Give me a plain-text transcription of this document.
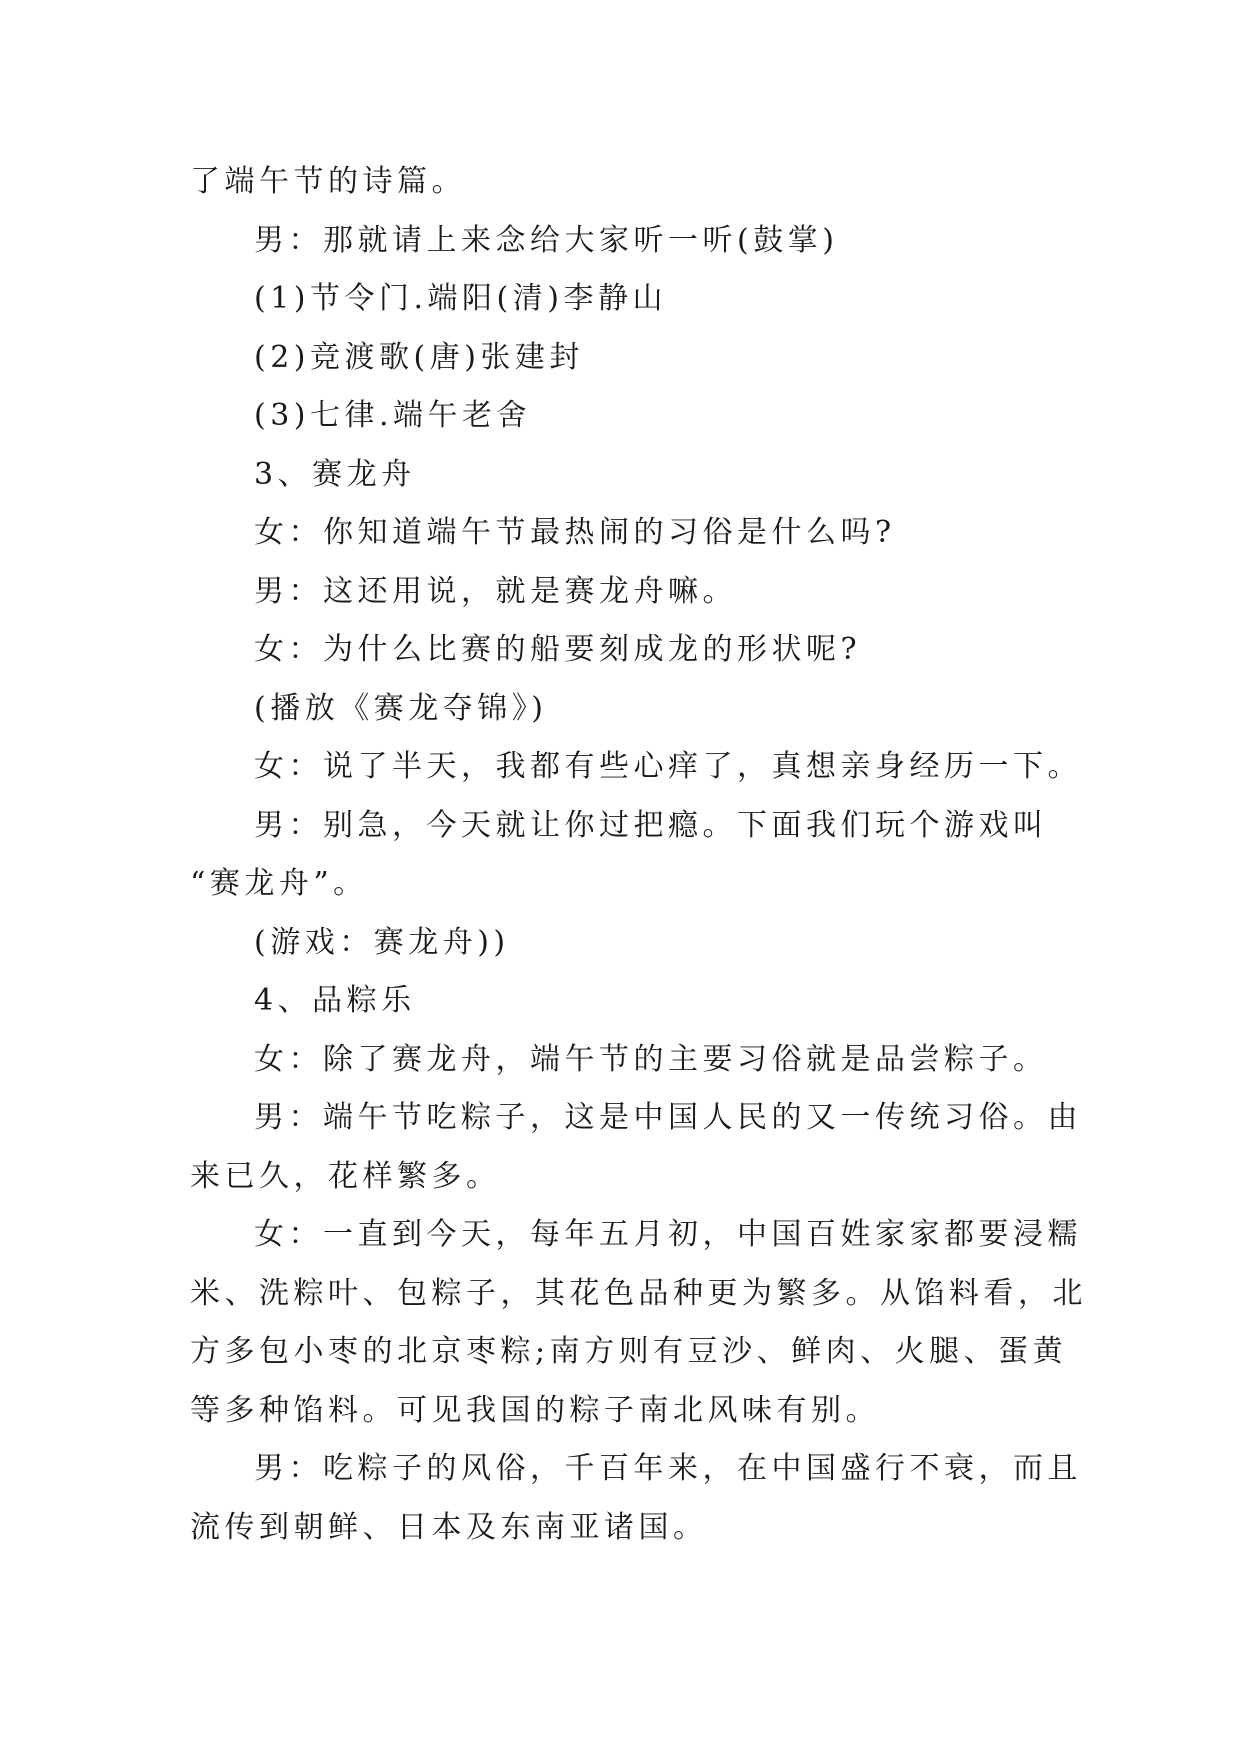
了端午节的诗篇。
男：那就请上来念给大家听一听(鼓掌)
(1)节令门.端阳(清)李静山
(2)竞渡歌(唐)张建封
(3)七律.端午老舍
3、赛龙舟
女：你知道端午节最热闹的习俗是什么吗?
男：这还用说，就是赛龙舟嘛。
女：为什么比赛的船要刻成龙的形状呢?
(播放《赛龙夺锦》)
女：说了半天，我都有些心痒了，真想亲身经历一下。
男：别急，今天就让你过把瘾。下面我们玩个游戏叫
“赛龙舟”。
(游戏：赛龙舟))
4、品粽乐
女：除了赛龙舟，端午节的主要习俗就是品尝粽子。
男：端午节吃粽子，这是中国人民的又一传统习俗。由
来已久，花样繁多。
女：一直到今天，每年五月初，中国百姓家家都要浸糯
米、洗粽叶、包粽子，其花色品种更为繁多。从馅料看，北
方多包小枣的北京枣粽;南方则有豆沙、鲜肉、火腿、蛋黄
等多种馅料。可见我国的粽子南北风味有别。
男：吃粽子的风俗，千百年来，在中国盛行不衰，而且
流传到朝鲜、日本及东南亚诸国。
